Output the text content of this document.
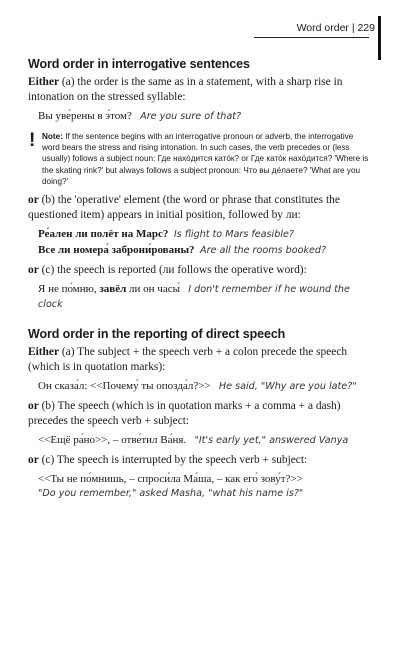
Word order | 229
Word order in interrogative sentences

Either (a) the order is the same as in a statement, with a sharp rise in intonation on the stressed syllable:

Вы уве́рены в э́том? Are you sure of that?
! Note: If the sentence begins with an interrogative pronoun or adverb, the interrogative word bears the stress and rising intonation. In such cases, the verb precedes or (less usually) follows a subject noun: Где нахо́дится като́к? or Где като́к нахо́дится? 'Where is the skating rink?' but always follows a subject pronoun: Что вы де́лаете? 'What are you doing?'

or (b) the 'operative' element (the word or phrase that constitutes the questioned item) appears in initial position, followed by ли:

Ре́ален ли полёт на Марс? Is flight to Mars feasible?
Все ли номера́ заброни́рованы? Are all the rooms booked?

or (c) the speech is reported (ли follows the operative word):

Я не по́мню, завёл ли он часы́ I don't remember if he wound the clock
Word order in the reporting of direct speech

Either (a) The subject + the speech verb + a colon precede the speech (which is in quotation marks):

Он сказа́л: <<Почему́ ты опозда́л?>> He said, "Why are you late?"

or (b) The speech (which is in quotation marks + a comma + a dash) precedes the speech verb + subject:

<<Ещё ра́но>>, – отве́тил Ва́ня. "It's early yet," answered Vanya

or (c) The speech is interrupted by the speech verb + subject:

<<Ты не по́мнишь, – спроси́ла Ма́ша, – как его́ зову́т?>>
"Do you remember," asked Masha, "what his name is?"
